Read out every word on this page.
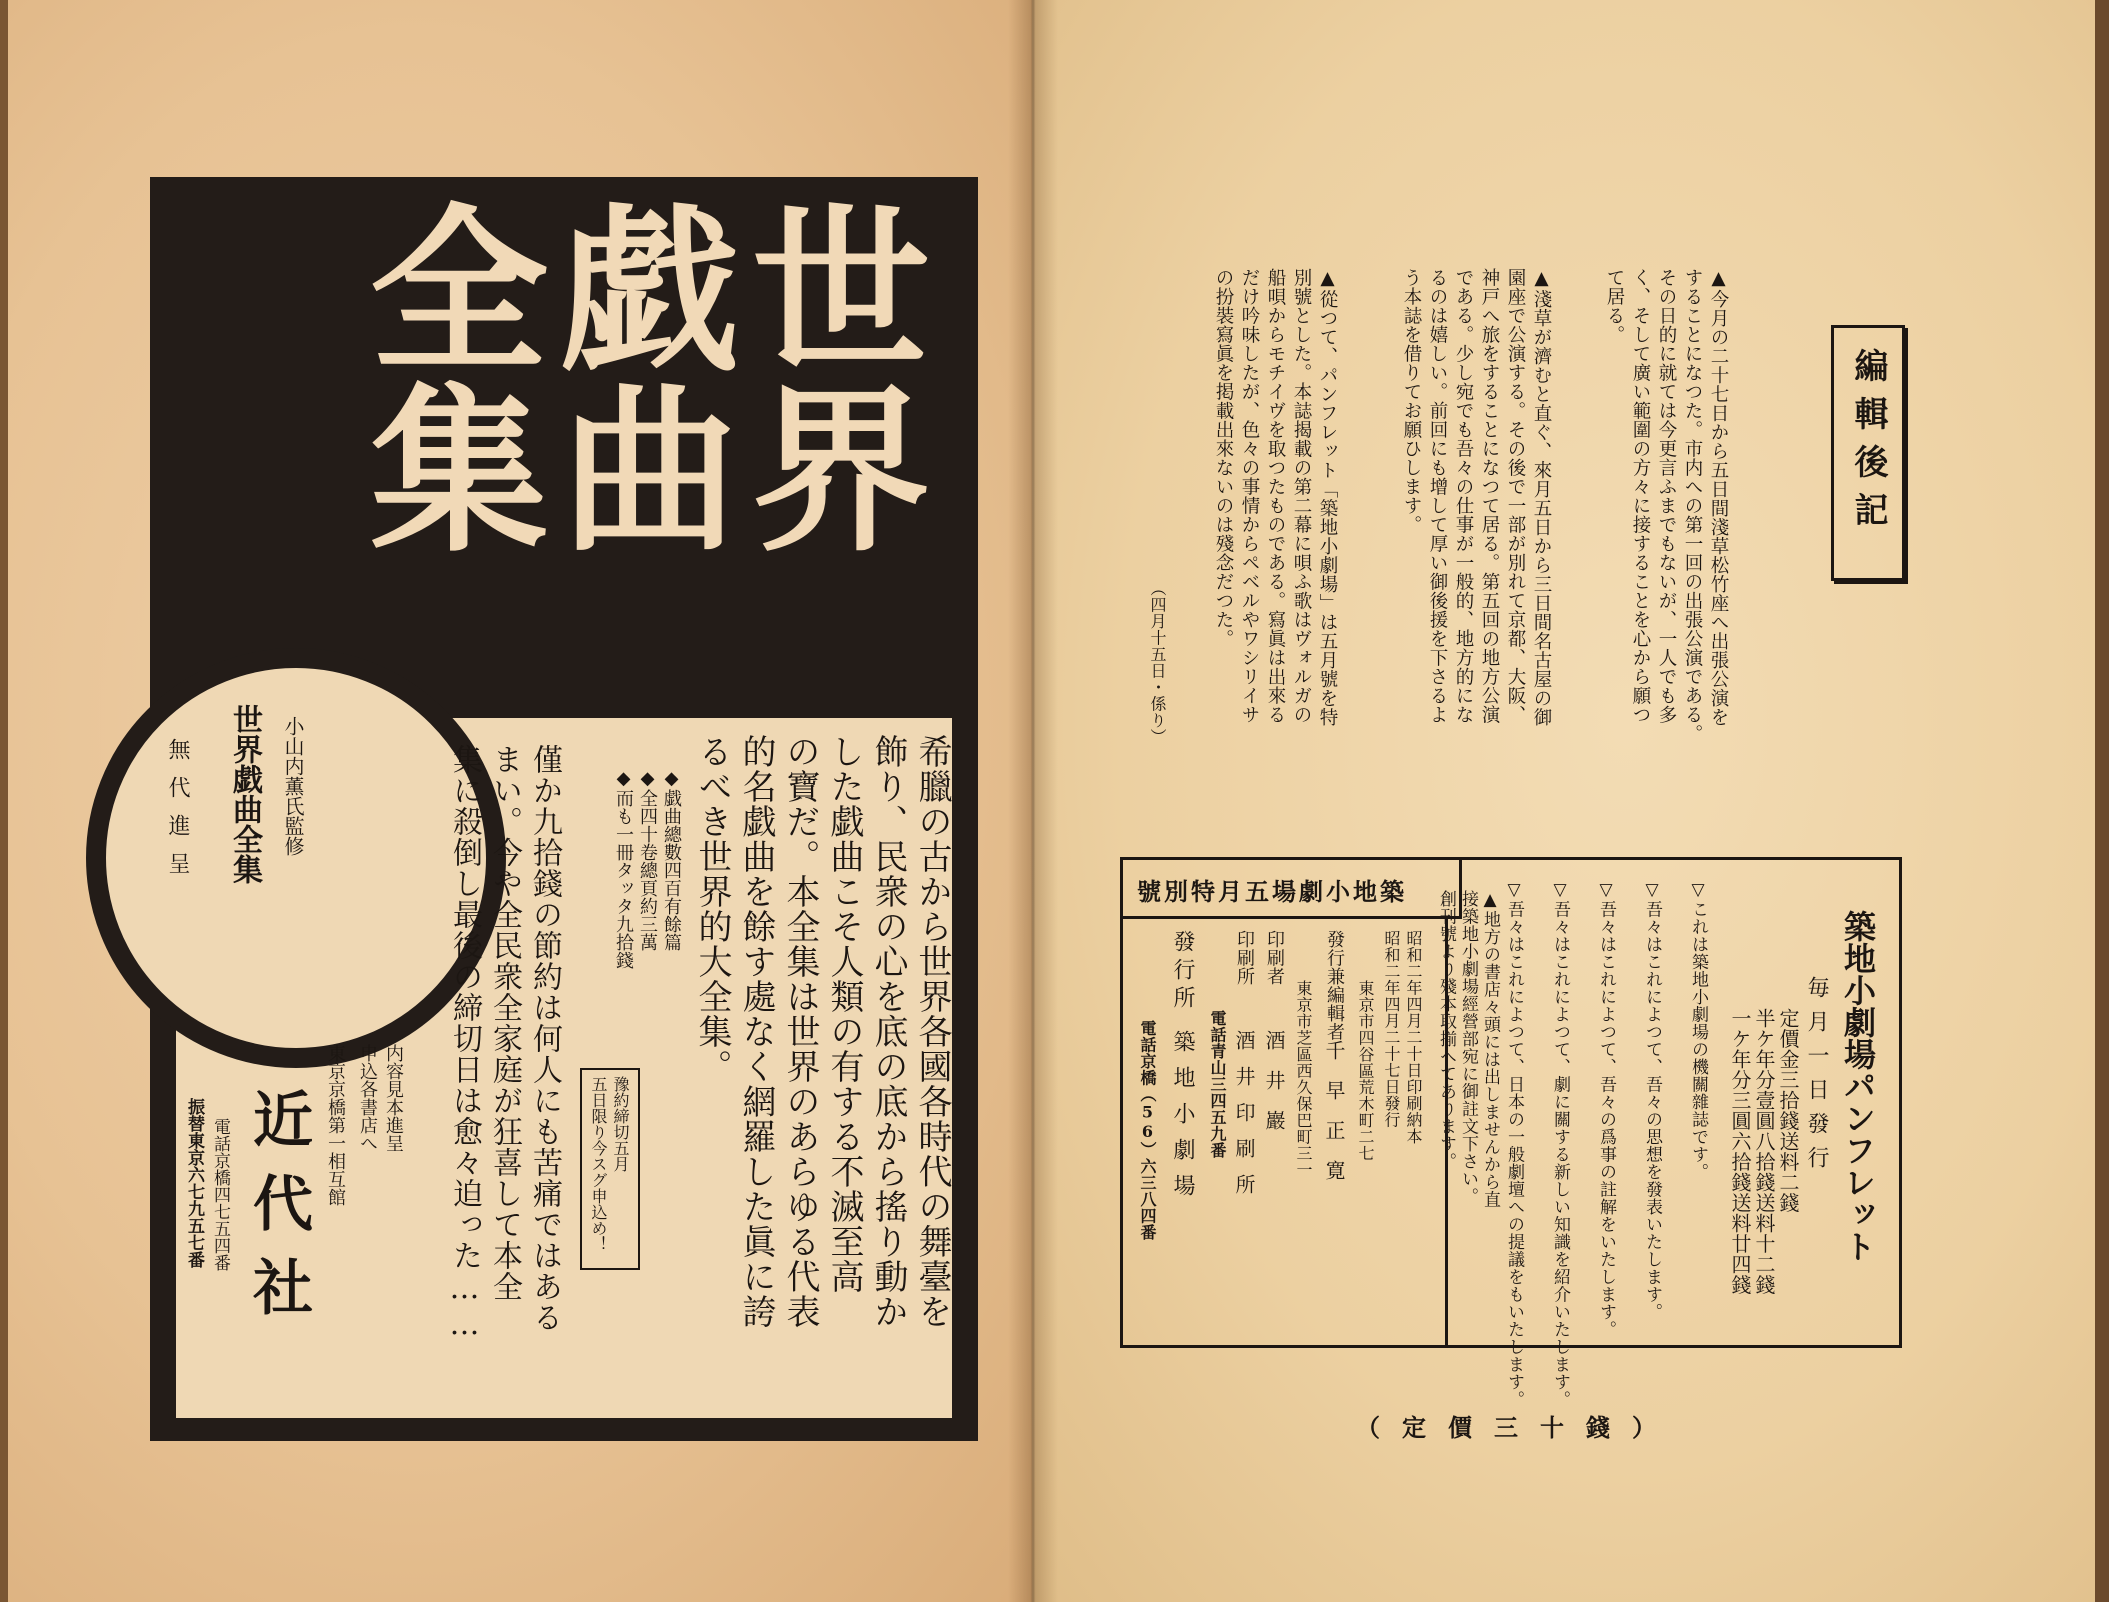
世界
戯曲
全集
小山内薫氏監修
世界戯曲全集
無代進呈	希臘の古から世界各國各時代の舞臺を
飾り、民衆の心を底の底から搖り動か
した戯曲こそ人類の有する不滅至高
の寶だ。本全集は世界のあらゆる代表
的名戯曲を餘す處なく網羅した眞に誇
るべき世界的大全集。
◆戯曲總數四百有餘篇
◆全四十卷總頁約三萬
◆而も一冊タッタ九拾錢
豫約締切五月
五日限り今スグ申込め！
僅か九拾錢の節約は何人にも苦痛ではある
まい。今や全民衆全家庭が狂喜して本全
集に殺倒し最後の締切日は愈々迫った……
内容見本進呈
申込各書店へ
東京京橋第一相互館
近代社
電話京橋四七五四番
振替東京六七九五七番
編輯後記
▲今月の二十七日から五日間淺草松竹座へ出張公演を
することになつた。市内への第一回の出張公演である。
その日的に就ては今更言ふまでもないが、一人でも多
く、そして廣い範圍の方々に接することを心から願つ
て居る。
▲淺草が濟むと直ぐ、來月五日から三日間名古屋の御
園座で公演する。その後で一部が別れて京都、大阪、
神戸へ旅をすることになつて居る。第五回の地方公演
である。少し宛でも吾々の仕事が一般的、地方的にな
るのは嬉しい。前回にも增して厚い御後援を下さるよ
う本誌を借りてお願ひします。
▲從つて、パンフレット「築地小劇場」は五月號を特
別號とした。本誌揭載の第二幕に唄ふ歌はヴォルガの
船唄からモチイヴを取つたものである。寫眞は出來る
だけ吟味したが、色々の事情からペベルやワシリイサ
の扮裝寫眞を掲載出來ないのは殘念だつた。
（四月十五日・係り）
築地小劇場五月特別號
築地小劇場パンフレット
毎月一日發行
定價金三拾錢送料二錢
半ケ年分壹圓八拾錢送料十二錢
一ケ年分三圓六拾錢送料廿四錢
▽これは築地小劇場の機關雜誌です。
▽吾々はこれによつて、吾々の思想を發表いたします。
▽吾々はこれによつて、吾々の爲事の註解をいたします。
▽吾々はこれによつて、劇に關する新しい知識を紹介いたします。
▽吾々はこれによつて、日本の一般劇壇への提議をもいたします。
▲地方の書店々頭には出しませんから直
接築地小劇場經營部宛に御註文下さい。
昭和二年四月二十日印刷納本
昭和二年四月二十七日發行
東京市四谷區荒木町二七
發行兼編輯者
千早正寛
東京市芝區西久保巴町三一
印刷者
酒井巖
印刷所
酒井印刷所
電話青山三四五九番
發行所
築地小劇場
電話京橋（56）六三八四番	創刊號より殘本取揃へてあります。
（定價三十錢）
